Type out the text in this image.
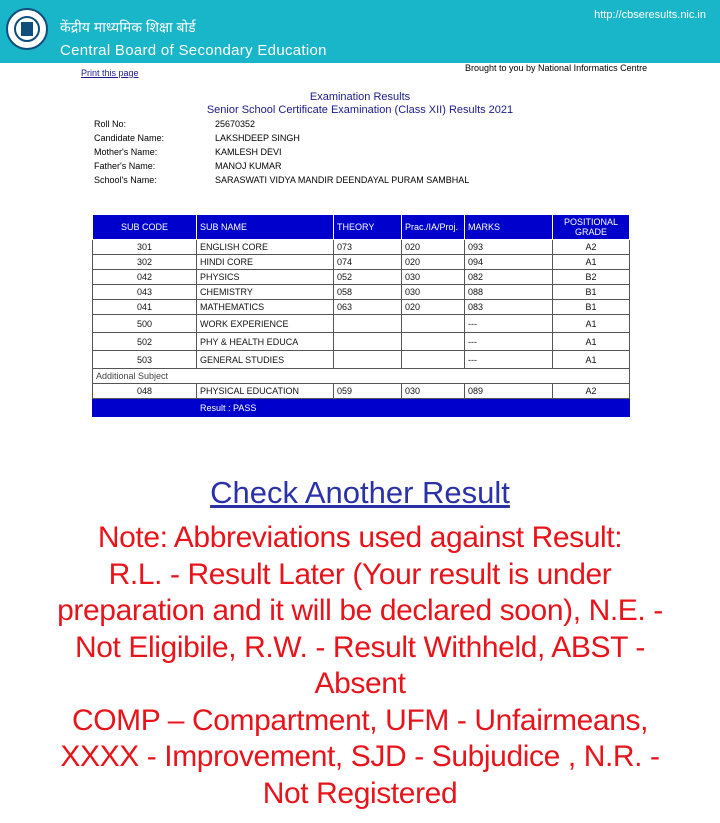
केंद्रीय माध्यमिक शिक्षा बोर्ड
Central Board of Secondary Education
http://cbseresults.nic.in
Print this page	Brought to you by National Informatics Centre
Examination Results
Senior School Certificate Examination (Class XII) Results 2021
Roll No:	25670352
Candidate Name:	LAKSHDEEP SINGH
Mother's Name:	KAMLESH DEVI
Father's Name:	MANOJ KUMAR
School's Name:	SARASWATI VIDYA MANDIR DEENDAYAL PURAM SAMBHAL
SUB CODE	SUB NAME	THEORY	Prac./IA/Proj.	MARKS	POSITIONAL GRADE
301	ENGLISH CORE	073	020	093	A2
302	HINDI CORE	074	020	094	A1
042	PHYSICS	052	030	082	B2
043	CHEMISTRY	058	030	088	B1
041	MATHEMATICS	063	020	083	B1
500	WORK EXPERIENCE			---	A1
502	PHY & HEALTH EDUCA			---	A1
503	GENERAL STUDIES			---	A1
Additional Subject					
048	PHYSICAL EDUCATION	059	030	089	A2
	Result : PASS				
Check Another Result
Note: Abbreviations used against Result:
R.L. - Result Later (Your result is under
preparation and it will be declared soon), N.E. -
Not Eligibile, R.W. - Result Withheld, ABST -
Absent
COMP – Compartment, UFM - Unfairmeans,
XXXX - Improvement, SJD - Subjudice , N.R. -
Not Registered
